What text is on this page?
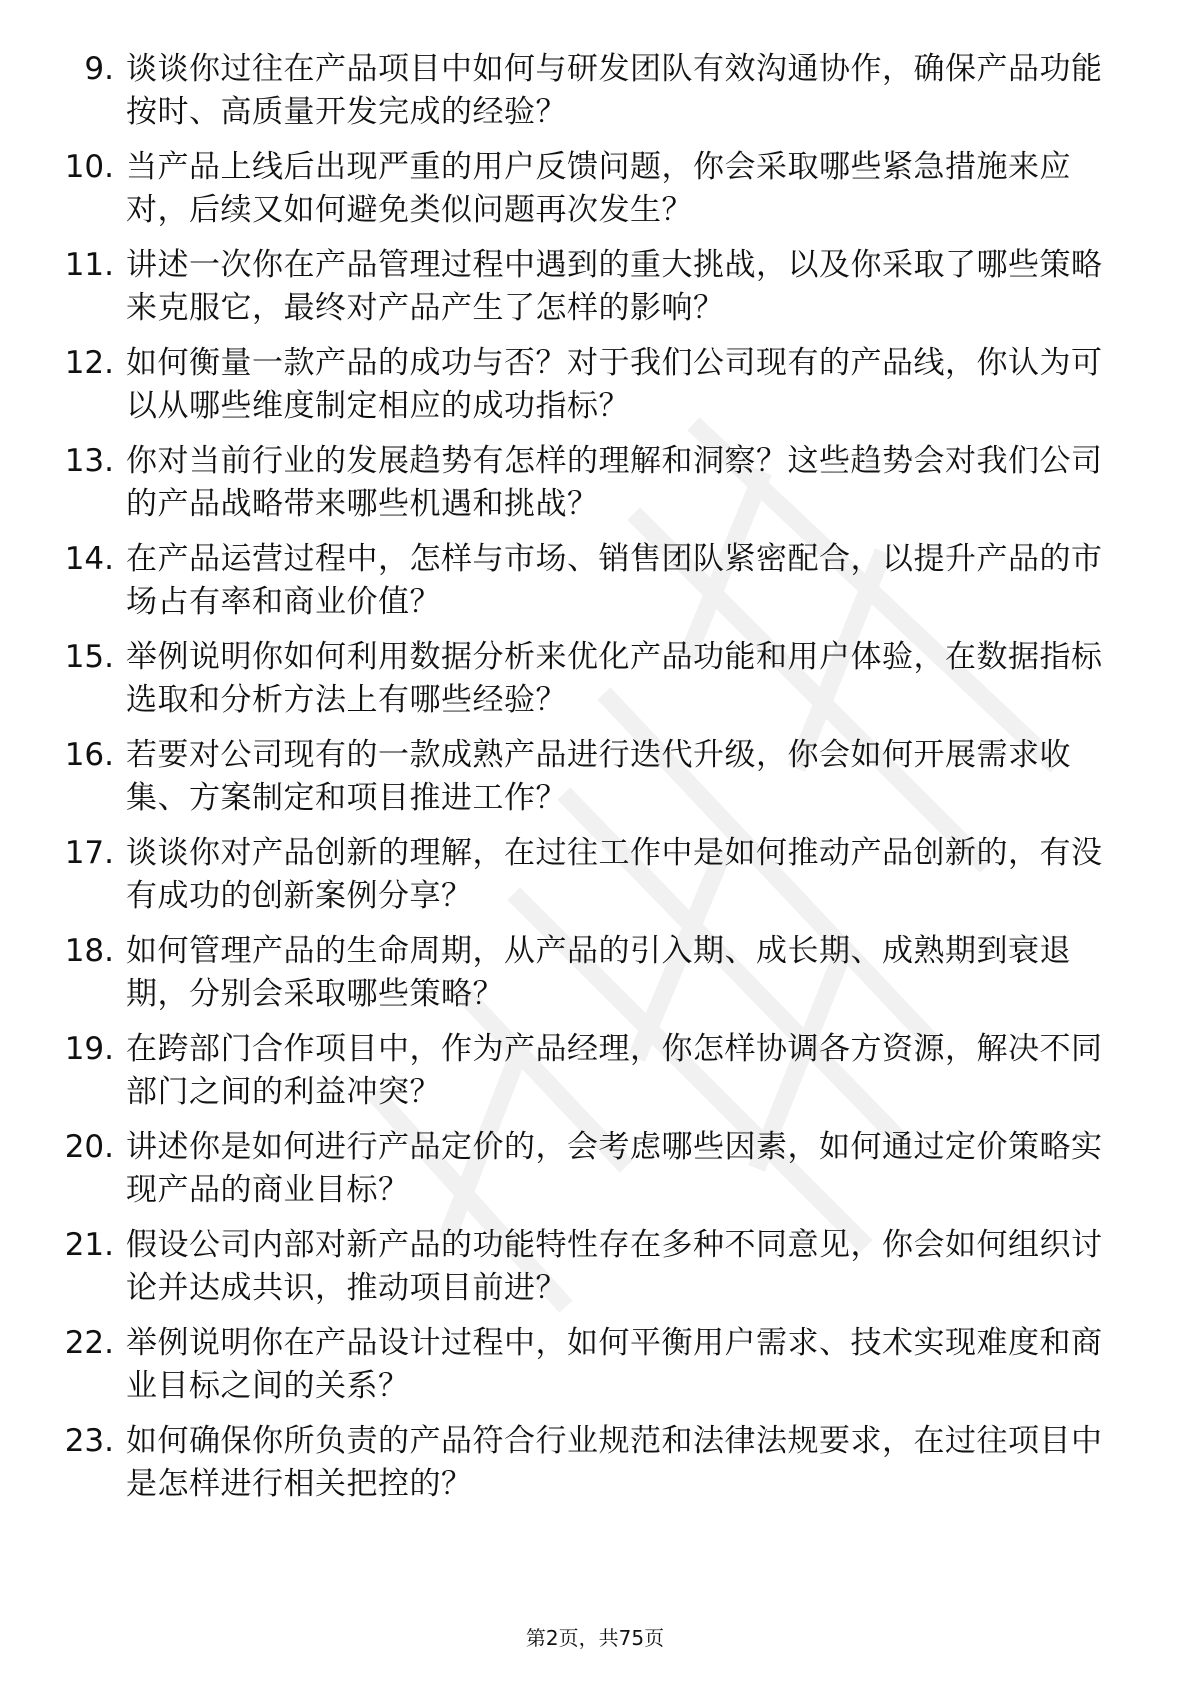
9. 谈谈你过往在产品项目中如何与研发团队有效沟通协作，确保产品功能按时、高质量开发完成的经验？
10. 当产品上线后出现严重的用户反馈问题，你会采取哪些紧急措施来应对，后续又如何避免类似问题再次发生？
11. 讲述一次你在产品管理过程中遇到的重大挑战，以及你采取了哪些策略来克服它，最终对产品产生了怎样的影响？
12. 如何衡量一款产品的成功与否？对于我们公司现有的产品线，你认为可以从哪些维度制定相应的成功指标？
13. 你对当前行业的发展趋势有怎样的理解和洞察？这些趋势会对我们公司的产品战略带来哪些机遇和挑战？
14. 在产品运营过程中，怎样与市场、销售团队紧密配合，以提升产品的市场占有率和商业价值？
15. 举例说明你如何利用数据分析来优化产品功能和用户体验，在数据指标选取和分析方法上有哪些经验？
16. 若要对公司现有的一款成熟产品进行迭代升级，你会如何开展需求收集、方案制定和项目推进工作？
17. 谈谈你对产品创新的理解，在过往工作中是如何推动产品创新的，有没有成功的创新案例分享？
18. 如何管理产品的生命周期，从产品的引入期、成长期、成熟期到衰退期，分别会采取哪些策略？
19. 在跨部门合作项目中，作为产品经理，你怎样协调各方资源，解决不同部门之间的利益冲突？
20. 讲述你是如何进行产品定价的，会考虑哪些因素，如何通过定价策略实现产品的商业目标？
21. 假设公司内部对新产品的功能特性存在多种不同意见，你会如何组织讨论并达成共识，推动项目前进？
22. 举例说明你在产品设计过程中，如何平衡用户需求、技术实现难度和商业目标之间的关系？
23. 如何确保你所负责的产品符合行业规范和法律法规要求，在过往项目中是怎样进行相关把控的？
第2页，共75页
